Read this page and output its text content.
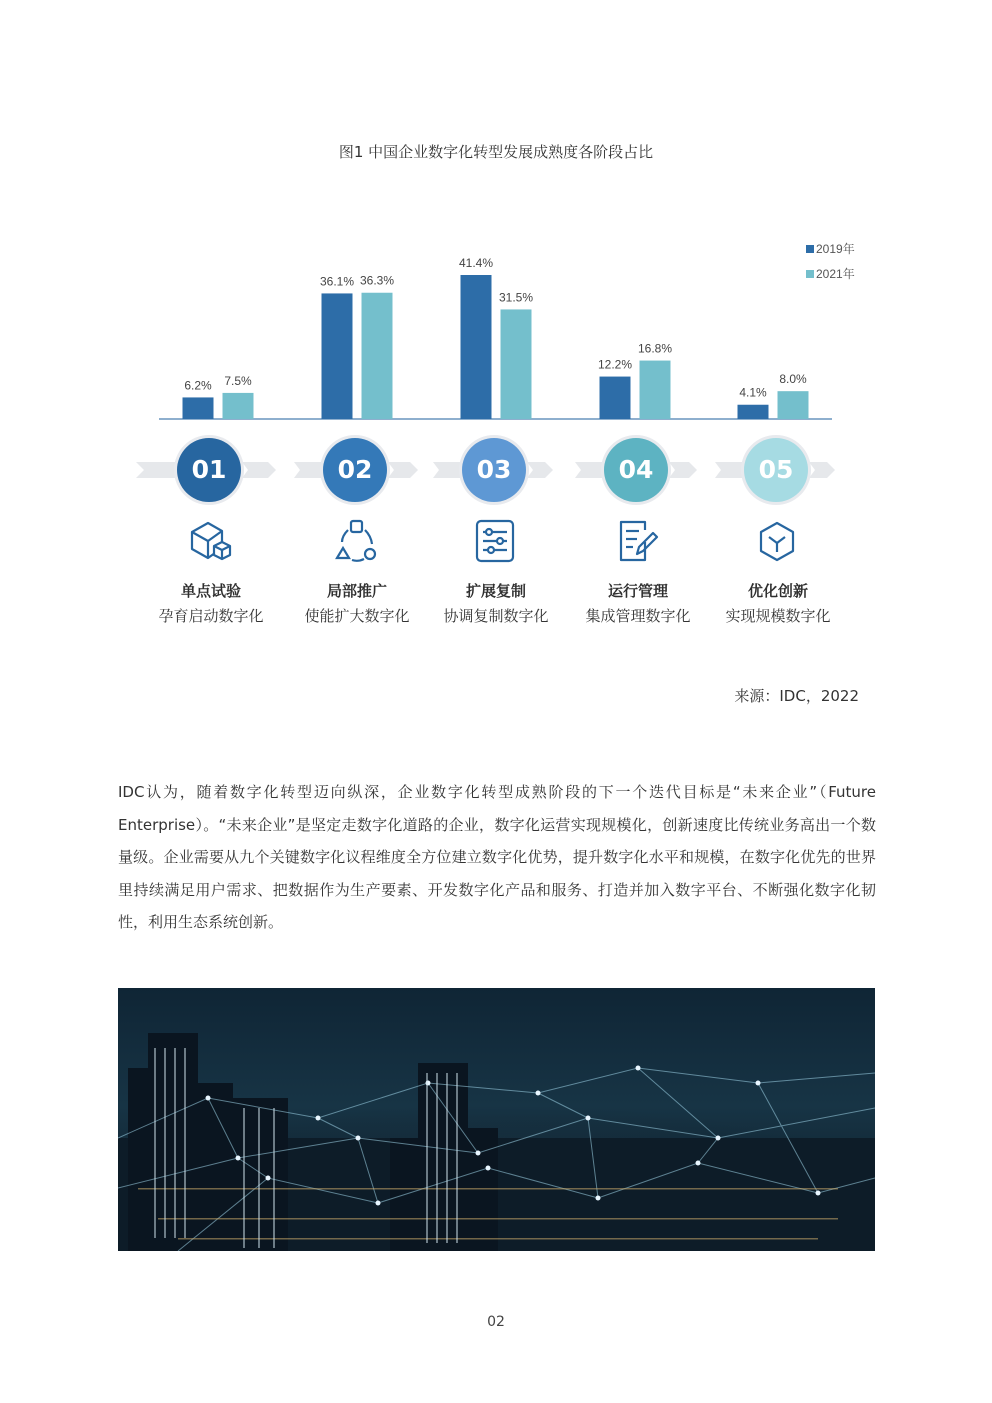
图1 中国企业数字化转型发展成熟度各阶段占比
6.2%
36.1%
41.4%
12.2%
4.1%
7.5%
36.3%
31.5%
16.8%
8.0%
2019年
2021年
01
单点试验
孕育启动数字化
02
局部推广
使能扩大数字化
03
扩展复制
协调复制数字化
04
运行管理
集成管理数字化
05
优化创新
实现规模数字化
来源：IDC，2022
IDC认为，随着数字化转型迈向纵深，企业数字化转型成熟阶段的下一个迭代目标是“未来企业”（Future Enterprise）。“未来企业”是坚定走数字化道路的企业，数字化运营实现规模化，创新速度比传统业务高出一个数量级。企业需要从九个关键数字化议程维度全方位建立数字化优势，提升数字化水平和规模，在数字化优先的世界里持续满足用户需求、把数据作为生产要素、开发数字化产品和服务、打造并加入数字平台、不断强化数字化韧性，利用生态系统创新。
02
